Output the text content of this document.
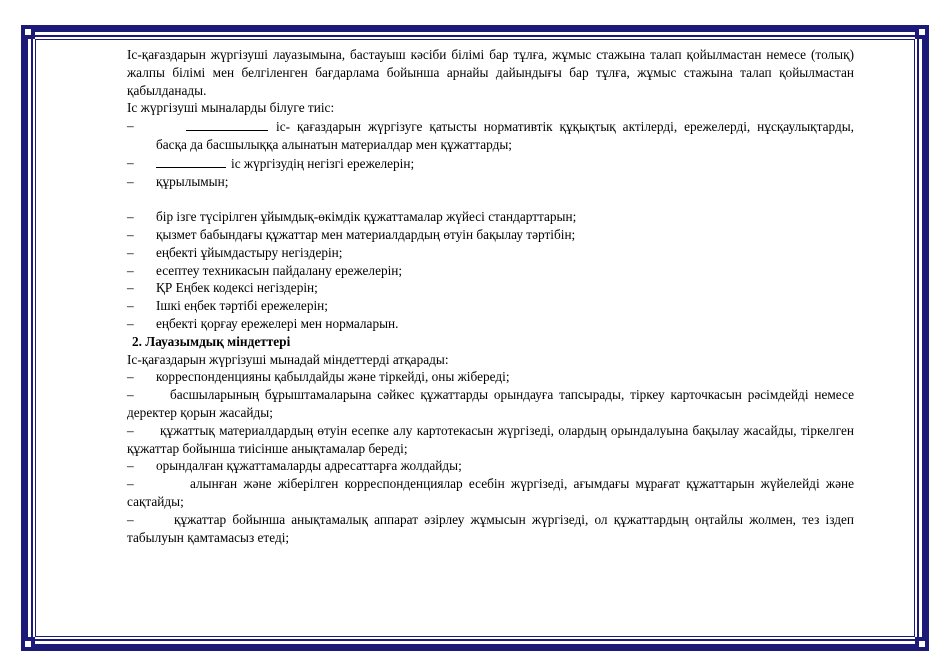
Іс-қағаздарын жүргізуші лауазымына, бастауыш кәсіби білімі бар тұлға, жұмыс стажына талап қойылмастан немесе (толық) жалпы білімі мен белгіленген бағдарлама бойынша арнайы дайындығы бар тұлға, жұмыс стажына талап қойылмастан қабылданады.

Іс жүргізуші мыналарды білуге тиіс:

–	іс- қағаздарын жүргізуге қатысты нормативтік құқықтық актілерді, ережелерді, нұсқаулықтарды, басқа да басшылыққа алынатын материалдар мен құжаттарды;
–	іс жүргізудің негізгі ережелерін;
–	құрылымын;
–	бір ізге түсірілген ұйымдық-өкімдік құжаттамалар жүйесі стандарттарын;
–	қызмет бабындағы құжаттар мен материалдардың өтуін бақылау тәртібін;
–	еңбекті ұйымдастыру негіздерін;
–	есептеу техникасын пайдалану ережелерін;
–	ҚР Еңбек кодексі негіздерін;
–	Ішкі еңбек тәртібі ережелерін;
–	еңбекті қорғау ережелері мен нормаларын.

2. Лауазымдық міндеттері

Іс-қағаздарын жүргізуші мынадай міндеттерді атқарады:

–	корреспонденцияны қабылдайды және тіркейді, оны жібереді;

–	басшыларының бұрыштамаларына сәйкес құжаттарды орындауға тапсырады, тіркеу карточкасын рәсімдейді немесе деректер қорын жасайды;

– құжаттық материалдардың өтуін есепке алу картотекасын жүргізеді, олардың орындалуына бақылау жасайды, тіркелген құжаттар бойынша тиісінше анықтамалар береді;

–	орындалған құжаттамаларды адресаттарға жолдайды;

–	алынған және жіберілген корреспонденциялар есебін жүргізеді, ағымдағы мұрағат құжаттарын жүйелейді және сақтайды;

–	құжаттар бойынша анықтамалық аппарат әзірлеу жұмысын жүргізеді, ол құжаттардың оңтайлы жолмен, тез іздеп табылуын қамтамасыз етеді;
